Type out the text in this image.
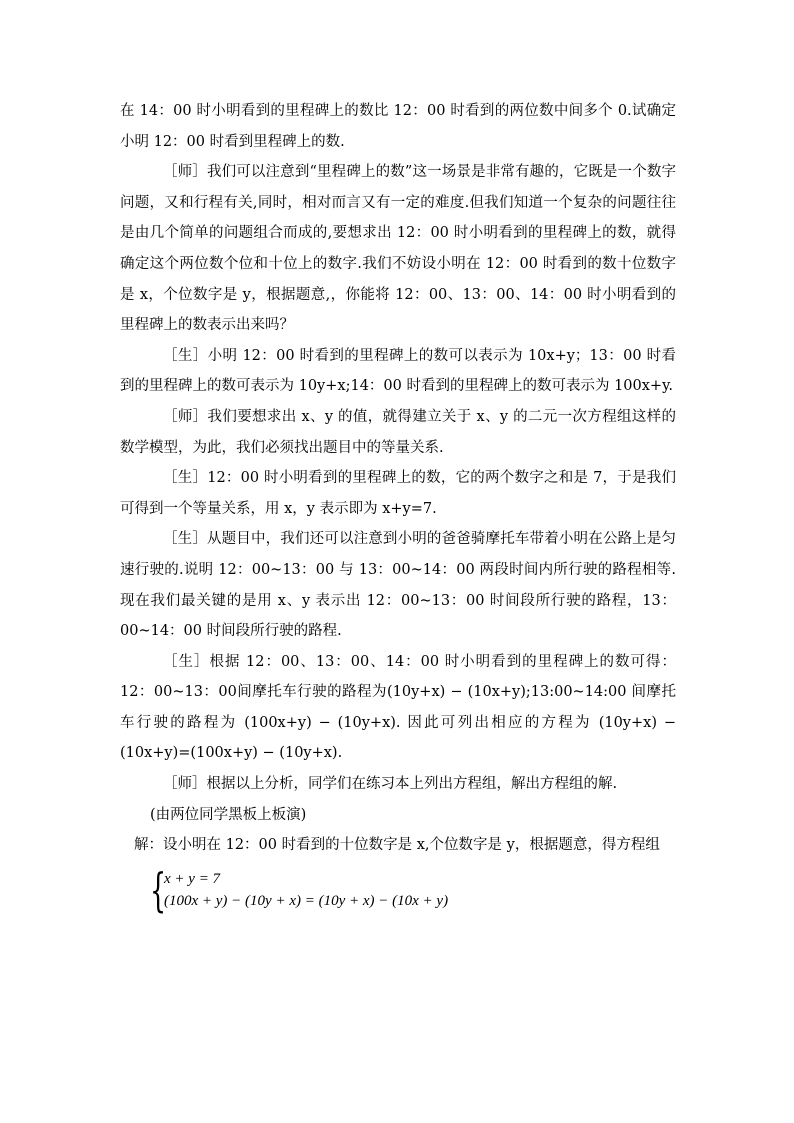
在 14：00 时小明看到的里程碑上的数比 12：00 时看到的两位数中间多个 0.试确定小明 12：00 时看到里程碑上的数.

［师］我们可以注意到“里程碑上的数”这一场景是非常有趣的，它既是一个数字问题，又和行程有关,同时，相对而言又有一定的难度.但我们知道一个复杂的问题往往是由几个简单的问题组合而成的,要想求出 12：00 时小明看到的里程碑上的数，就得确定这个两位数个位和十位上的数字.我们不妨设小明在 12：00 时看到的数十位数字是 x，个位数字是 y，根据题意,，你能将 12：00、13：00、14：00 时小明看到的里程碑上的数表示出来吗？

［生］小明 12：00 时看到的里程碑上的数可以表示为 10x+y；13：00 时看到的里程碑上的数可表示为 10y+x;14：00 时看到的里程碑上的数可表示为 100x+y.

［师］我们要想求出 x、y 的值，就得建立关于 x、y 的二元一次方程组这样的数学模型，为此，我们必须找出题目中的等量关系.

［生］12：00 时小明看到的里程碑上的数，它的两个数字之和是 7，于是我们可得到一个等量关系，用 x，y 表示即为 x+y=7.

［生］从题目中，我们还可以注意到小明的爸爸骑摩托车带着小明在公路上是匀速行驶的.说明 12：00~13：00 与 13：00~14：00 两段时间内所行驶的路程相等.现在我们最关键的是用 x、y 表示出 12：00~13：00 时间段所行驶的路程，13：00~14：00 时间段所行驶的路程.

［生］根据 12：00、13：00、14：00 时小明看到的里程碑上的数可得：12：00~13：00间摩托车行驶的路程为(10y+x) − (10x+y);13:00~14:00 间摩托车行驶的路程为 (100x+y) − (10y+x). 因此可列出相应的方程为 (10y+x) − (10x+y)=(100x+y) − (10y+x).

［师］根据以上分析，同学们在练习本上列出方程组，解出方程组的解.

(由两位同学黑板上板演)

解：设小明在 12：00 时看到的十位数字是 x,个位数字是 y，根据题意，得方程组

{
x + y = 7
(100x + y) − (10y + x) = (10y + x) − (10x + y)
